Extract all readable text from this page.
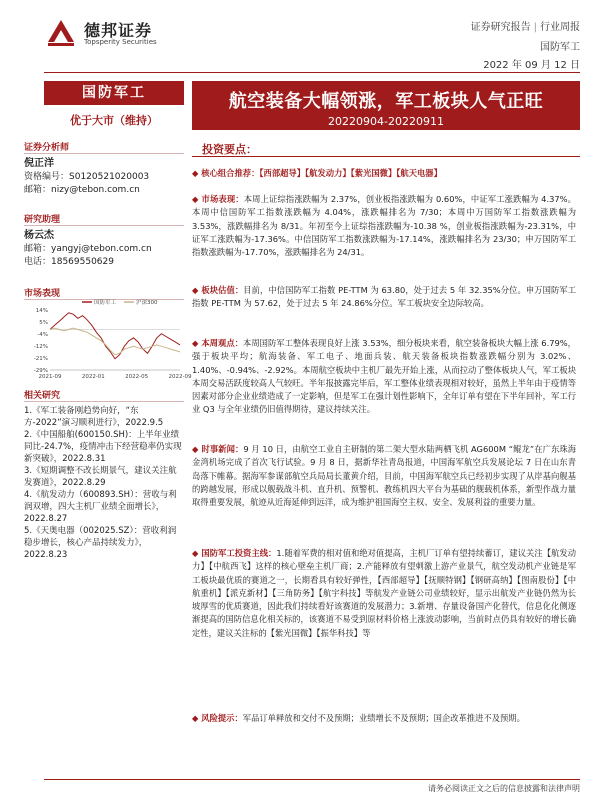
德邦证券
Topsperity Securities
证券研究报告 | 行业周报
国防军工
2022 年 09 月 12 日
国防军工
优于大市（维持）
证券分析师
倪正洋
资格编号：S0120521020003
邮箱：nizy@tebon.com.cn
研究助理
杨云杰
邮箱：yangyj@tebon.com.cn
电话：18569550629
市场表现
14%
5%
-4%
-12%
-21%
-29%
2021-09	2022-01	2022-05	2022-09
国防军工	沪深300
相关研究
1.《军工装备刚趋势向好，“东方-2022”演习顺利进行》，2022.9.5
2.《中国船舶(600150.SH)：上半年业绩同比-24.7%，疫情冲击下经营稳率仍实现新突破》，2022.8.31
3.《短期调整不改长期景气，建议关注航发赛道》，2022.8.29
4.《航发动力（600893.SH）：营收与利润双增，四大主机厂业绩全面增长》，2022.8.27
5.《天奥电器（002025.SZ）：营收利润稳步增长，核心产品持续发力》，2022.8.23
航空装备大幅领涨，军工板块人气正旺
20220904-20220911
投资要点：
◆ 核心组合推荐：【西部超导】【航发动力】【紫光国微】【航天电器】
◆ 市场表现：本周上证综指涨跌幅为 2.37%，创业板指涨跌幅为 0.60%，中证军工涨跌幅为 4.37%。本周中信国防军工指数涨跌幅为 4.04%，涨跌幅排名为 7/30；本周中万国防军工指数涨跌幅为 3.53%，涨跌幅排名为 8/31。年初至今上证综指涨跌幅为-10.38 %，创业板指涨跌幅为-23.31%，中证军工涨跌幅为-17.36%。中信国防军工指数涨跌幅为-17.14%，涨跌幅排名为 23/30；申万国防军工指数涨跌幅为-17.70%，涨跌幅排名为 24/31。
◆ 板块估值：目前，中信国防军工指数 PE-TTM 为 63.80，处于过去 5 年 32.35%分位。申万国防军工指数 PE-TTM 为 57.62，处于过去 5 年 24.86%分位。军工板块安全边际较高。
◆ 本周观点：本周国防军工整体表现良好上涨 3.53%，细分板块来看，航空装备板块大幅上涨 6.79%，强于板块平均；航海装备、军工电子、地面兵装、航天装备板块指数涨跌幅分别为 3.02%、1.40%、-0.94%、-2.92%。本周航空板块中主机厂最先开始上涨，从而拉动了整体板块人气，军工板块本周交易活跃度较高人气较旺。半年报披露完毕后，军工整体业绩表现相对较好，虽然上半年由于疫情等因素对部分企业业绩造成了一定影响，但是军工在强计划性影响下，全年订单有望在下半年回补，军工行业 Q3 与全年业绩仍旧值得期待，建议持续关注。
◆ 时事新闻：9 月 10 日，由航空工业自主研制的第二架大型水陆两栖飞机 AG600M “鲲龙”在广东珠海金湾机场完成了首次飞行试验。9 月 8 日，据新华社青岛报道，中国海军航空兵发展论坛 7 日在山东青岛落下帷幕。据海军参谋部航空兵局局长董黄介绍，目前，中国海军航空兵已经初步实现了从岸基向舰基的跨越发展，形成以舰载战斗机、直升机、预警机、教练机四大平台为基础的舰载机体系，新型作战力量取得重要发展，航迹从近海延伸到远洋，成为维护祖国海空主权、安全、发展利益的重要力量。
◆ 国防军工投资主线：1.随着军费的相对值和绝对值提高，主机厂订单有望持续蓄订，建议关注【航发动力】【中航西飞】这样的核心壁垒主机厂商；2.产能释放有望刺激上游产业景气，航空发动机产业链是军工板块最优质的赛道之一，长期看具有较好弹性，【西部超导】【抚顺特钢】【钢研高纳】【图南股份】【中航重机】【派克新材】【三角防务】【航宇科技】等航发产业链公司业绩较好，显示出航发产业链仍然为长坡厚雪的优质赛道，因此我们持续看好该赛道的发展潜力；3.新增、存量设备国产化替代，信息化化侧逐渐提高的国防信息化相关标的，该赛道不易受到原材料价格上涨波动影响，当前时点仍具有较好的增长确定性，建议关注标的【紫光国微】【振华科技】等
◆ 风险提示：军品订单释放和交付不及预期；业绩增长不及预期；国企改革推进不及预期。
请务必阅读正文之后的信息披露和法律声明
